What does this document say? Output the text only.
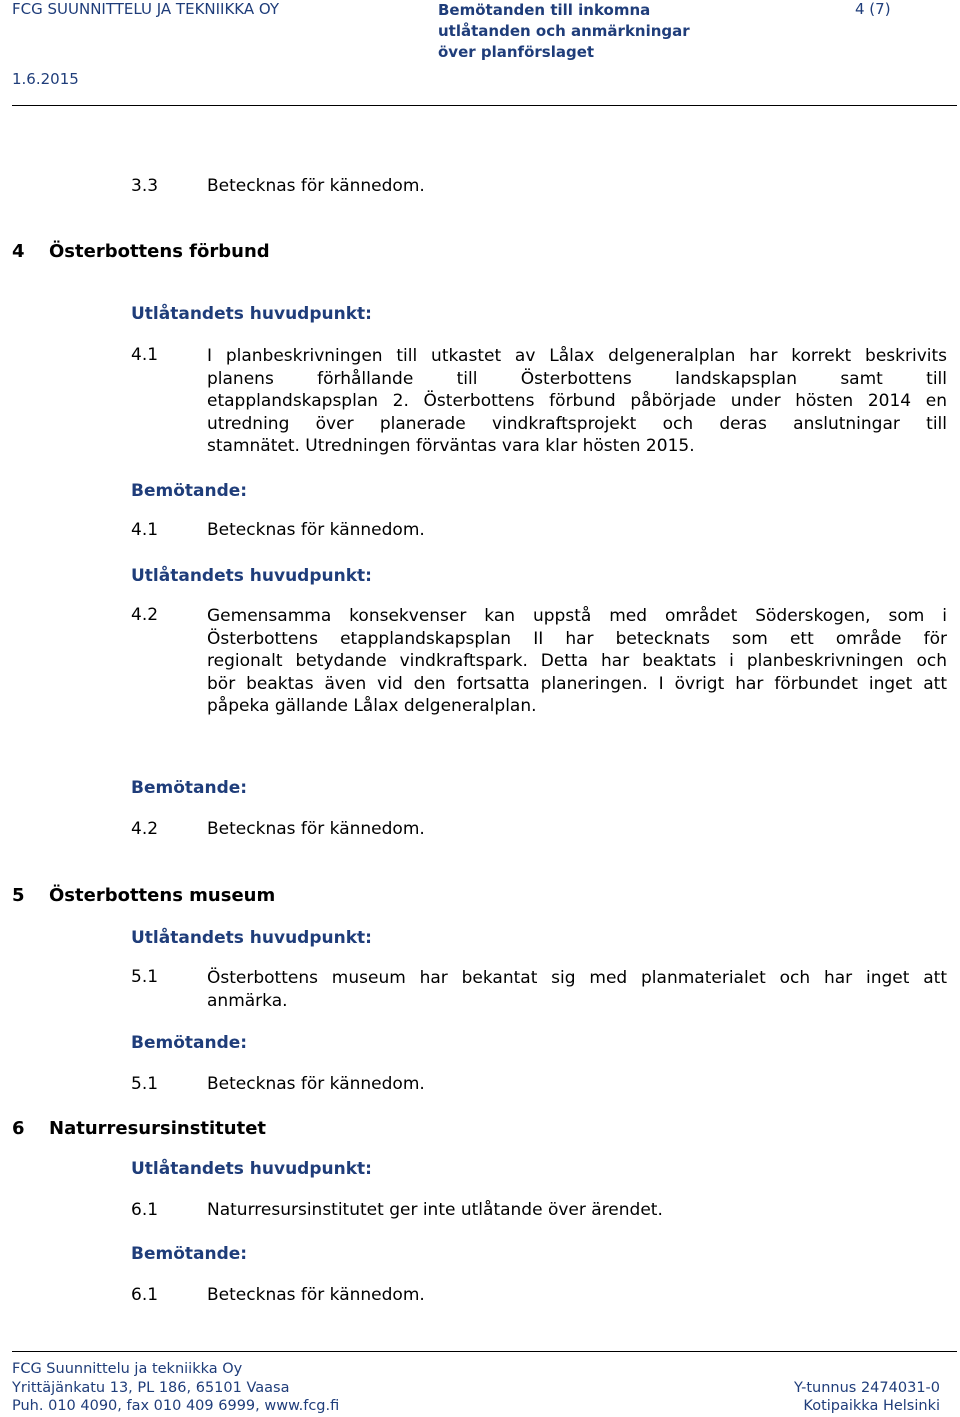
FCG SUUNNITTELU JA TEKNIIKKA OY	Bemötanden till inkomna
utlåtanden och anmärkningar
över planförslaget
4 (7)
1.6.2015
3.3	Betecknas för kännedom.
4 Österbottens förbund
Utlåtandets huvudpunkt:
4.1	I planbeskrivningen till utkastet av Lålax delgeneralplan har korrekt beskrivits
planens förhållande till Österbottens landskapsplan samt till
etapplandskapsplan 2. Österbottens förbund påbörjade under hösten 2014 en
utredning över planerade vindkraftsprojekt och deras anslutningar till
stamnätet. Utredningen förväntas vara klar hösten 2015.
Bemötande:
4.1	Betecknas för kännedom.
Utlåtandets huvudpunkt:
4.2	Gemensamma konsekvenser kan uppstå med området Söderskogen, som i
Österbottens etapplandskapsplan II har betecknats som ett område för
regionalt betydande vindkraftspark. Detta har beaktats i planbeskrivningen och
bör beaktas även vid den fortsatta planeringen. I övrigt har förbundet inget att
påpeka gällande Lålax delgeneralplan.
Bemötande:
4.2	Betecknas för kännedom.
5 Österbottens museum
Utlåtandets huvudpunkt:
5.1	Österbottens museum har bekantat sig med planmaterialet och har inget att
anmärka.
Bemötande:
5.1	Betecknas för kännedom.
6 Naturresursinstitutet
Utlåtandets huvudpunkt:
6.1	Naturresursinstitutet ger inte utlåtande över ärendet.
Bemötande:
6.1	Betecknas för kännedom.
FCG Suunnittelu ja tekniikka Oy
Yrittäjänkatu 13, PL 186, 65101 Vaasa
Puh. 010 4090, fax 010 409 6999, www.fcg.fi
Y-tunnus 2474031-0
Kotipaikka Helsinki
